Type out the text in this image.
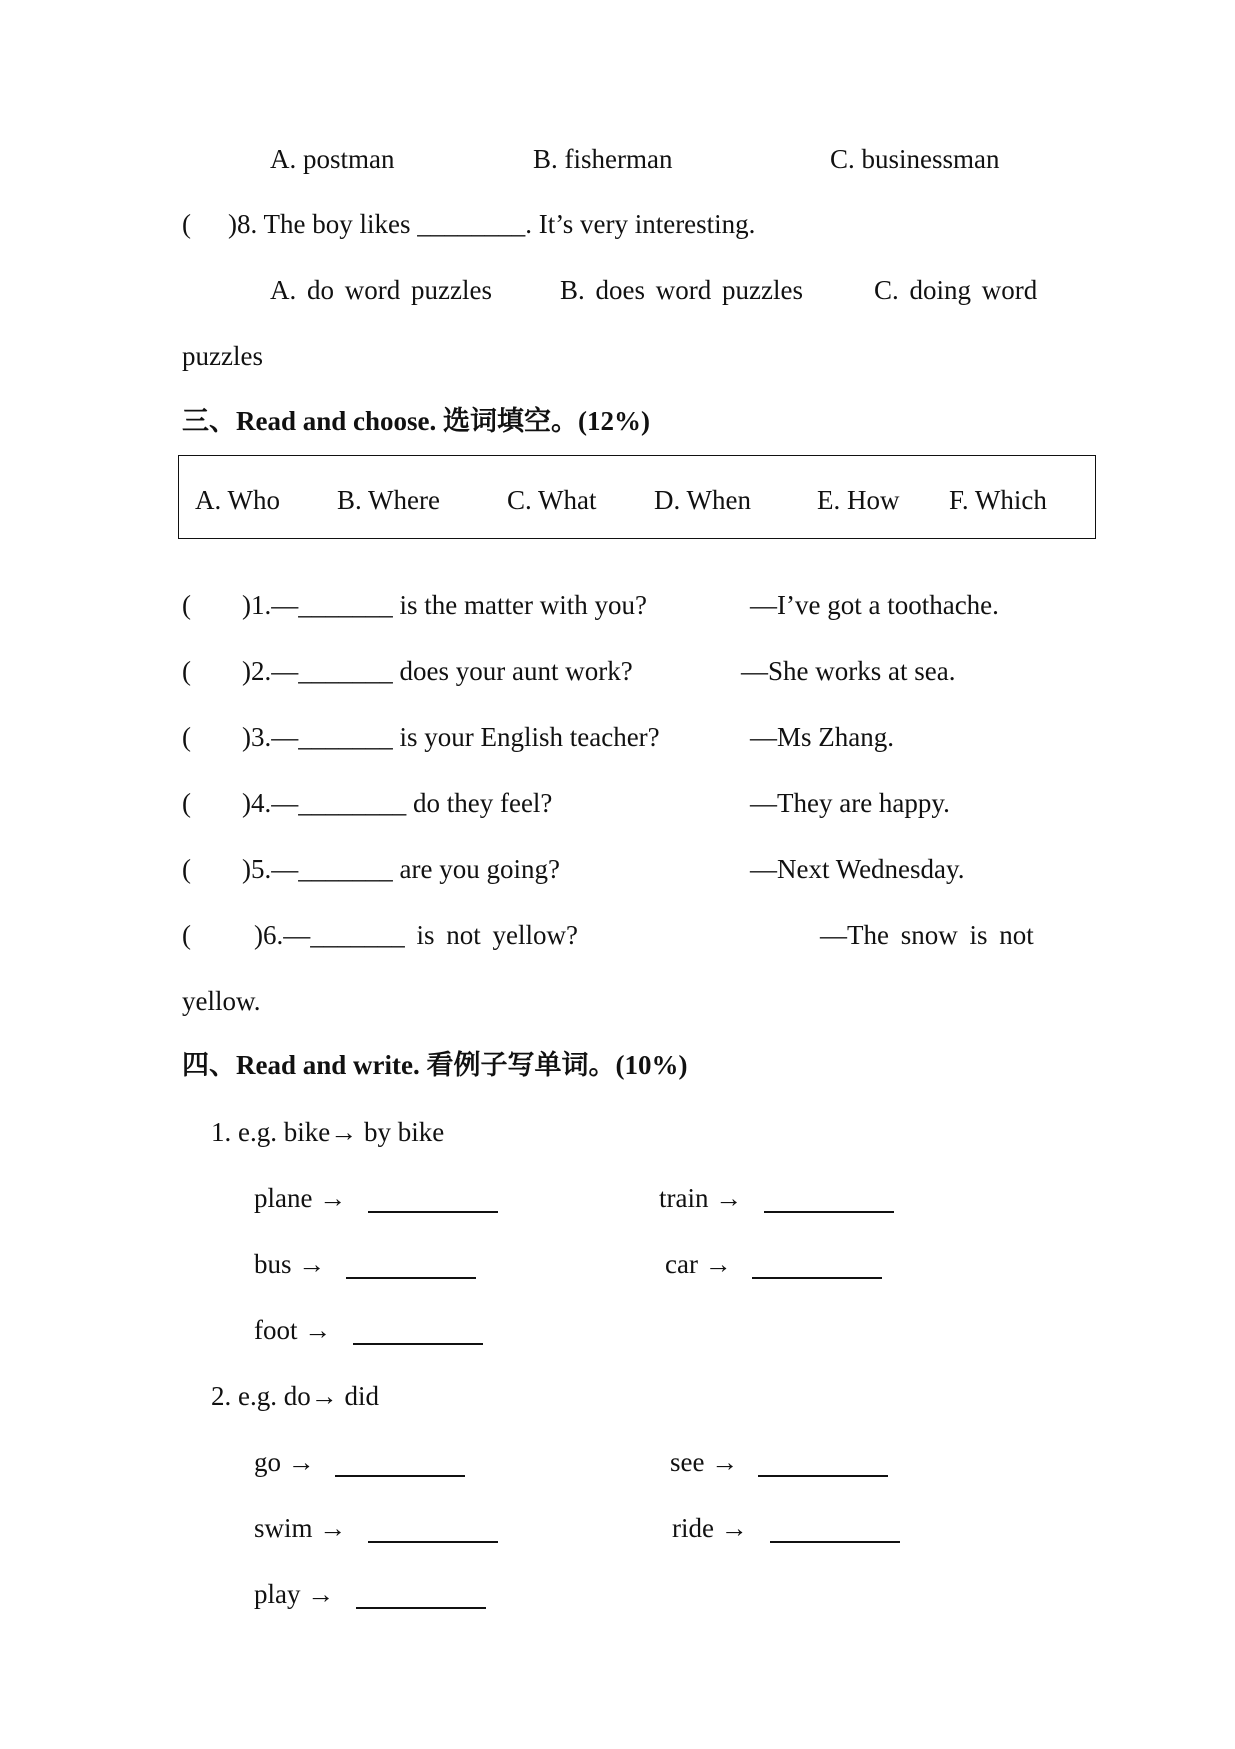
A. postman	B. fisherman	C. businessman
( )8. The boy likes ________. It’s very interesting.
A. do word puzzles	B. does word puzzles	C. doing word
puzzles
三、Read and choose. 选词填空。(12%)
A. Who B. Where C. What D. When E. How F. Which
( )1.—_______ is the matter with you?	—I’ve got a toothache.
( )2.—_______ does your aunt work?	—She works at sea.
( )3.—_______ is your English teacher?	—Ms Zhang.
( )4.—________ do they feel?	—They are happy.
( )5.—_______ are you going?	—Next Wednesday.
( )6.—_______ is not yellow?	—The snow is not
yellow.
四、Read and write. 看例子写单词。(10%)
1. e.g. bike→ by bike
plane →	train →
bus →	car →
foot →
2. e.g. do→ did
go →	see →
swim →	ride →
play →
